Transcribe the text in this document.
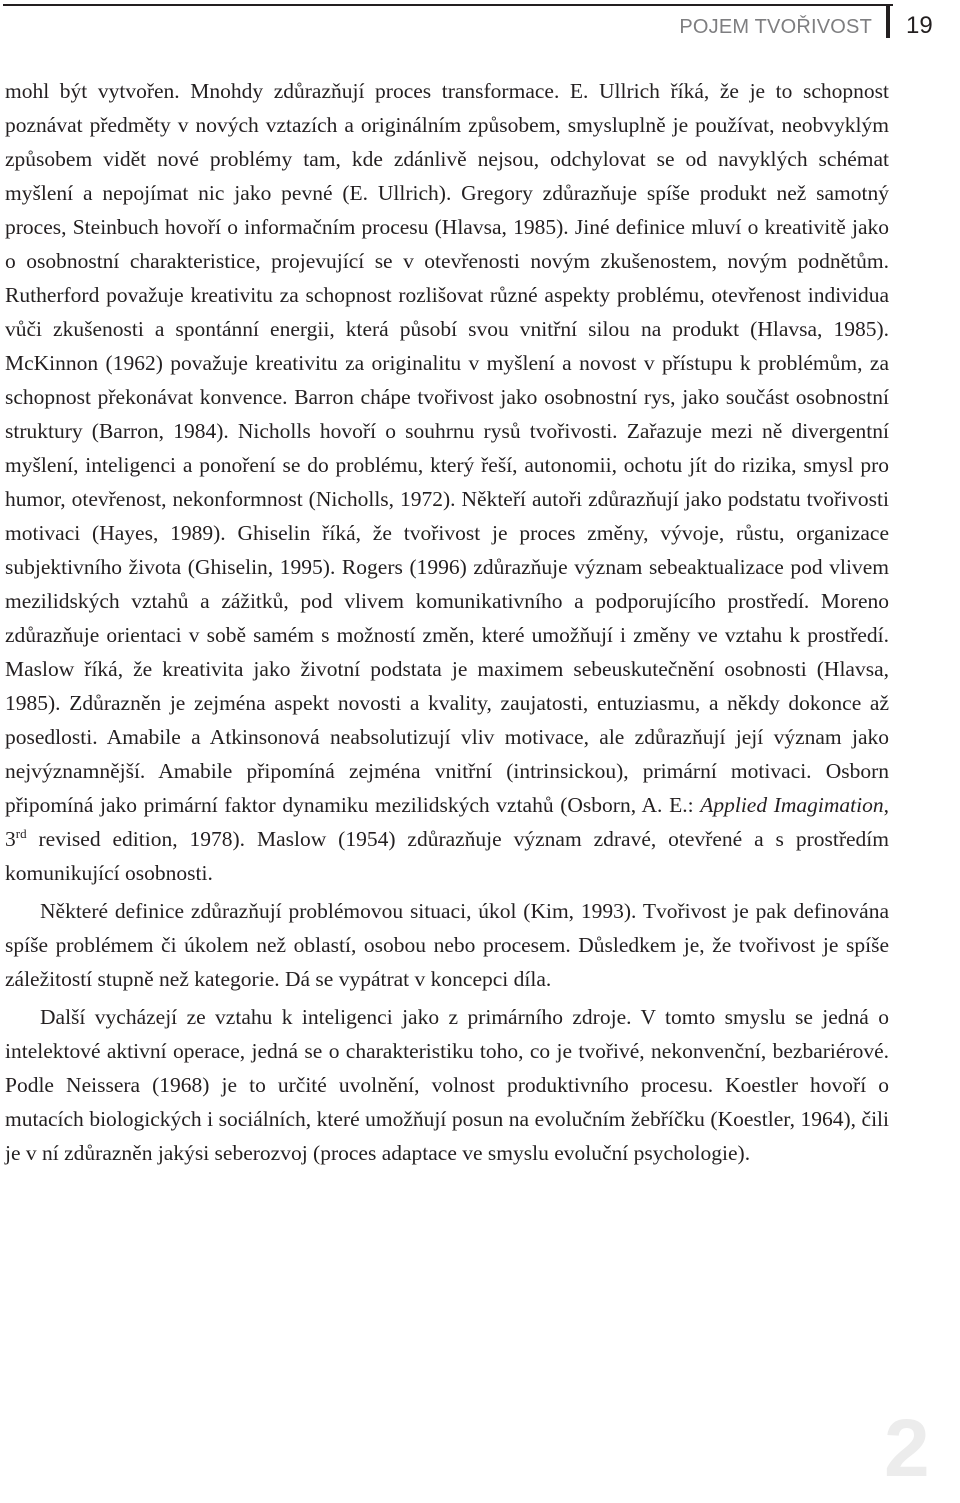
POJEM TVOŘIVOST 19

mohl být vytvořen. Mnohdy zdůrazňují proces transformace. E. Ullrich říká, že je to schopnost poznávat předměty v nových vztazích a originálním způsobem, smysluplně je používat, neobvyklým způsobem vidět nové problémy tam, kde zdánlivě nejsou, odchylovat se od navyklých schémat myšlení a nepojímat nic jako pevné (E. Ullrich). Gregory zdůrazňuje spíše produkt než samotný proces, Steinbuch hovoří o informačním procesu (Hlavsa, 1985). Jiné definice mluví o kreativitě jako o osobnostní charakteristice, projevující se v otevřenosti novým zkušenostem, novým podnětům. Rutherford považuje kreativitu za schopnost rozlišovat různé aspekty problému, otevřenost individua vůči zkušenosti a spontánní energii, která působí svou vnitřní silou na produkt (Hlavsa, 1985). McKinnon (1962) považuje kreativitu za originalitu v myšlení a novost v přístupu k problémům, za schopnost překonávat konvence. Barron chápe tvořivost jako osobnostní rys, jako součást osobnostní struktury (Barron, 1984). Nicholls hovoří o souhrnu rysů tvořivosti. Zařazuje mezi ně divergentní myšlení, inteligenci a ponoření se do problému, který řeší, autonomii, ochotu jít do rizika, smysl pro humor, otevřenost, nekonformnost (Nicholls, 1972). Někteří autoři zdůrazňují jako podstatu tvořivosti motivaci (Hayes, 1989). Ghiselin říká, že tvořivost je proces změny, vývoje, růstu, organizace subjektivního života (Ghiselin, 1995). Rogers (1996) zdůrazňuje význam sebeaktualizace pod vlivem mezilidských vztahů a zážitků, pod vlivem komunikativního a podporujícího prostředí. Moreno zdůrazňuje orientaci v sobě samém s možností změn, které umožňují i změny ve vztahu k prostředí. Maslow říká, že kreativita jako životní podstata je maximem sebeuskutečnění osobnosti (Hlavsa, 1985). Zdůrazněn je zejména aspekt novosti a kvality, zaujatosti, entuziasmu, a někdy dokonce až posedlosti. Amabile a Atkinsonová neabsolutizují vliv motivace, ale zdůrazňují její význam jako nejvýznamnější. Amabile připomíná zejména vnitřní (intrinsickou), primární motivaci. Osborn připomíná jako primární faktor dynamiku mezilidských vztahů (Osborn, A. E.: Applied Imagimation, 3rd revised edition, 1978). Maslow (1954) zdůrazňuje význam zdravé, otevřené a s prostředím komunikující osobnosti.

Některé definice zdůrazňují problémovou situaci, úkol (Kim, 1993). Tvořivost je pak definována spíše problémem či úkolem než oblastí, osobou nebo procesem. Důsledkem je, že tvořivost je spíše záležitostí stupně než kategorie. Dá se vypátrat v koncepci díla.

Další vycházejí ze vztahu k inteligenci jako z primárního zdroje. V tomto smyslu se jedná o intelektové aktivní operace, jedná se o charakteristiku toho, co je tvořivé, nekonvenční, bezbariérové. Podle Neissera (1968) je to určité uvolnění, volnost produktivního procesu. Koestler hovoří o mutacích biologických i sociálních, které umožňují posun na evolučním žebříčku (Koestler, 1964), čili je v ní zdůrazněn jakýsi seberozvoj (proces adaptace ve smyslu evoluční psychologie).

2
